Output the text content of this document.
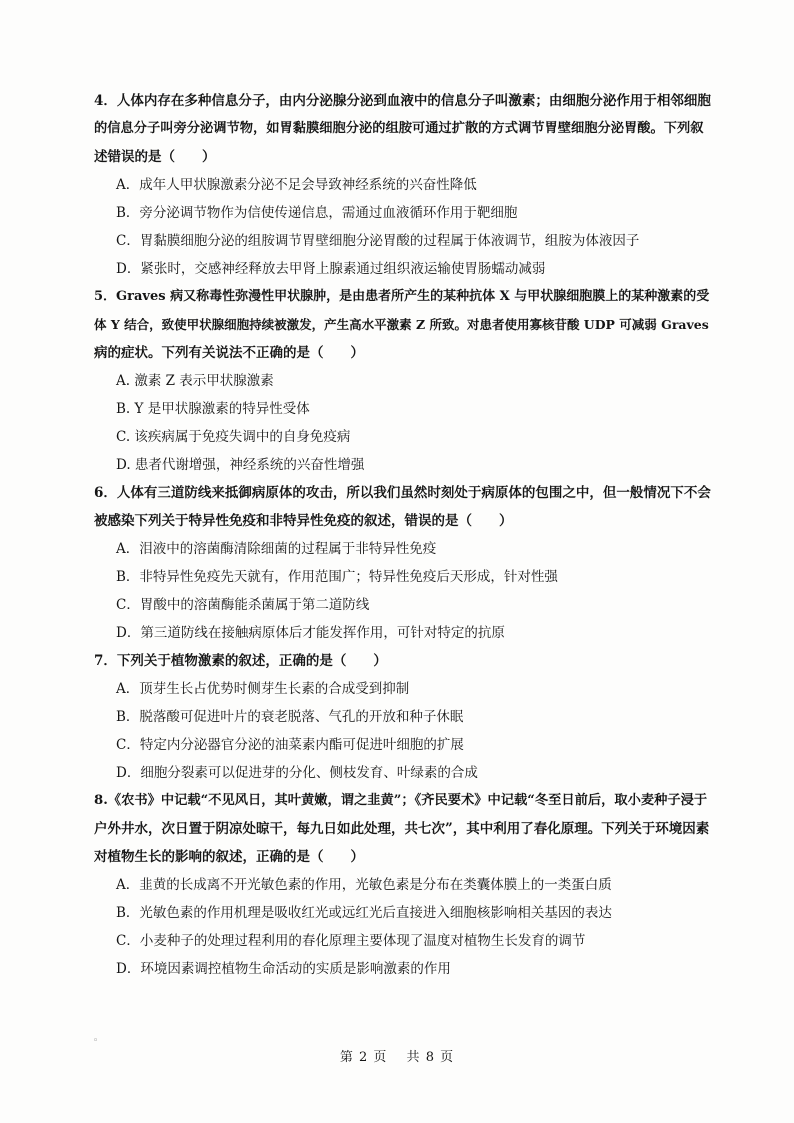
4．人体内存在多种信息分子，由内分泌腺分泌到血液中的信息分子叫激素；由细胞分泌作用于相邻细胞
的信息分子叫旁分泌调节物，如胃黏膜细胞分泌的组胺可通过扩散的方式调节胃壁细胞分泌胃酸。下列叙
述错误的是（　　）
A．成年人甲状腺激素分泌不足会导致神经系统的兴奋性降低
B．旁分泌调节物作为信使传递信息，需通过血液循环作用于靶细胞
C．胃黏膜细胞分泌的组胺调节胃壁细胞分泌胃酸的过程属于体液调节，组胺为体液因子
D．紧张时，交感神经释放去甲肾上腺素通过组织液运输使胃肠蠕动减弱
5．Graves 病又称毒性弥漫性甲状腺肿，是由患者所产生的某种抗体 X 与甲状腺细胞膜上的某种激素的受
体 Y 结合，致使甲状腺细胞持续被激发，产生高水平激素 Z 所致。对患者使用寡核苷酸 UDP 可减弱 Graves
病的症状。下列有关说法不正确的是（　　）
A. 激素 Z 表示甲状腺激素
B. Y 是甲状腺激素的特异性受体
C. 该疾病属于免疫失调中的自身免疫病
D. 患者代谢增强，神经系统的兴奋性增强
6．人体有三道防线来抵御病原体的攻击，所以我们虽然时刻处于病原体的包围之中，但一般情况下不会
被感染下列关于特异性免疫和非特异性免疫的叙述，错误的是（　　）
A．泪液中的溶菌酶清除细菌的过程属于非特异性免疫
B．非特异性免疫先天就有，作用范围广；特异性免疫后天形成，针对性强
C．胃酸中的溶菌酶能杀菌属于第二道防线
D．第三道防线在接触病原体后才能发挥作用，可针对特定的抗原
7．下列关于植物激素的叙述，正确的是（　　）
A．顶芽生长占优势时侧芽生长素的合成受到抑制
B．脱落酸可促进叶片的衰老脱落、气孔的开放和种子休眠
C．特定内分泌器官分泌的油菜素内酯可促进叶细胞的扩展
D．细胞分裂素可以促进芽的分化、侧枝发育、叶绿素的合成
8.《农书》中记载“不见风日，其叶黄嫩，谓之韭黄”；《齐民要术》中记载“冬至日前后，取小麦种子浸于
户外井水，次日置于阴凉处晾干，每九日如此处理，共七次”，其中利用了春化原理。下列关于环境因素
对植物生长的影响的叙述，正确的是（　　）
A．韭黄的长成离不开光敏色素的作用，光敏色素是分布在类囊体膜上的一类蛋白质
B．光敏色素的作用机理是吸收红光或远红光后直接进入细胞核影响相关基因的表达
C．小麦种子的处理过程利用的春化原理主要体现了温度对植物生长发育的调节
D．环境因素调控植物生命活动的实质是影响激素的作用
◦
第 2 页　 共 8 页
